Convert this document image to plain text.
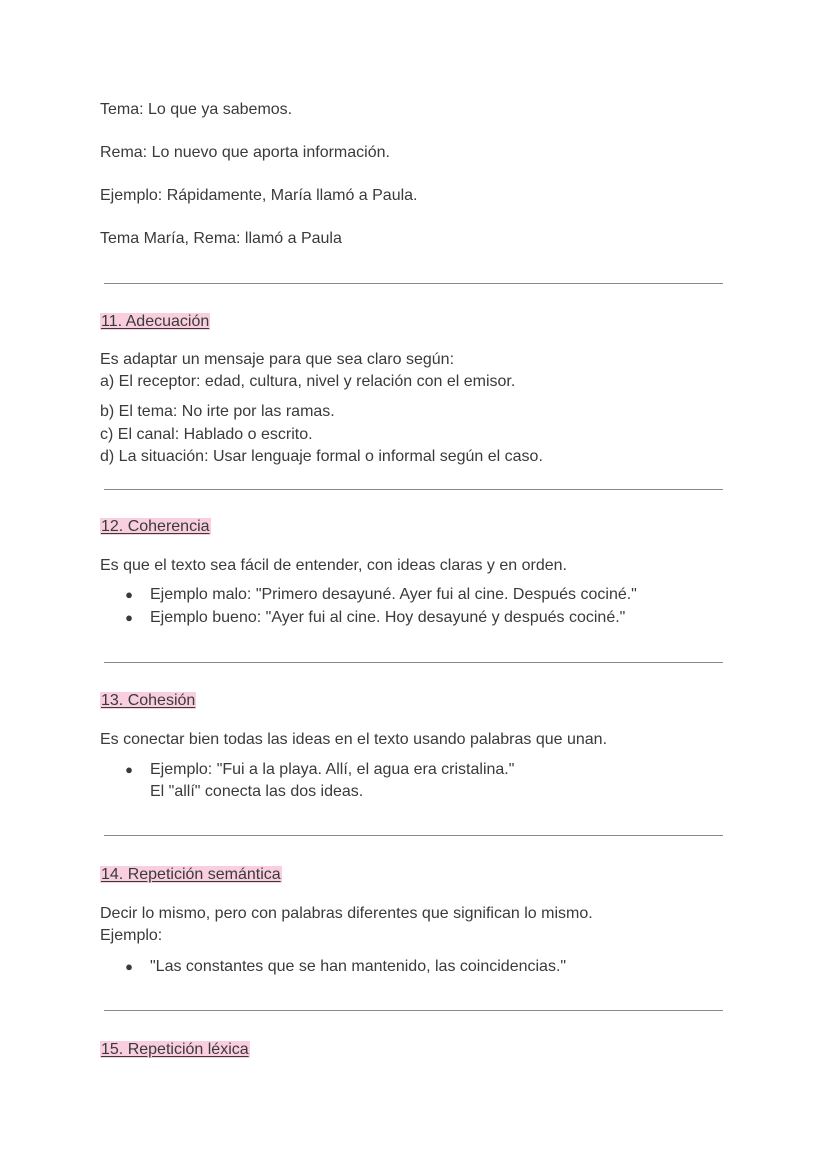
Tema: Lo que ya sabemos.
Rema: Lo nuevo que aporta información.
Ejemplo: Rápidamente, María llamó a Paula.
Tema María, Rema: llamó a Paula
11. Adecuación
Es adaptar un mensaje para que sea claro según:
a) El receptor: edad, cultura, nivel y relación con el emisor.
b) El tema: No irte por las ramas.
c) El canal: Hablado o escrito.
d) La situación: Usar lenguaje formal o informal según el caso.
12. Coherencia
Es que el texto sea fácil de entender, con ideas claras y en orden.
● Ejemplo malo: "Primero desayuné. Ayer fui al cine. Después cociné."
● Ejemplo bueno: "Ayer fui al cine. Hoy desayuné y después cociné."
13. Cohesión
Es conectar bien todas las ideas en el texto usando palabras que unan.
● Ejemplo: "Fui a la playa. Allí, el agua era cristalina."
El "allí" conecta las dos ideas.
14. Repetición semántica
Decir lo mismo, pero con palabras diferentes que significan lo mismo.
Ejemplo:
● "Las constantes que se han mantenido, las coincidencias."
15. Repetición léxica
